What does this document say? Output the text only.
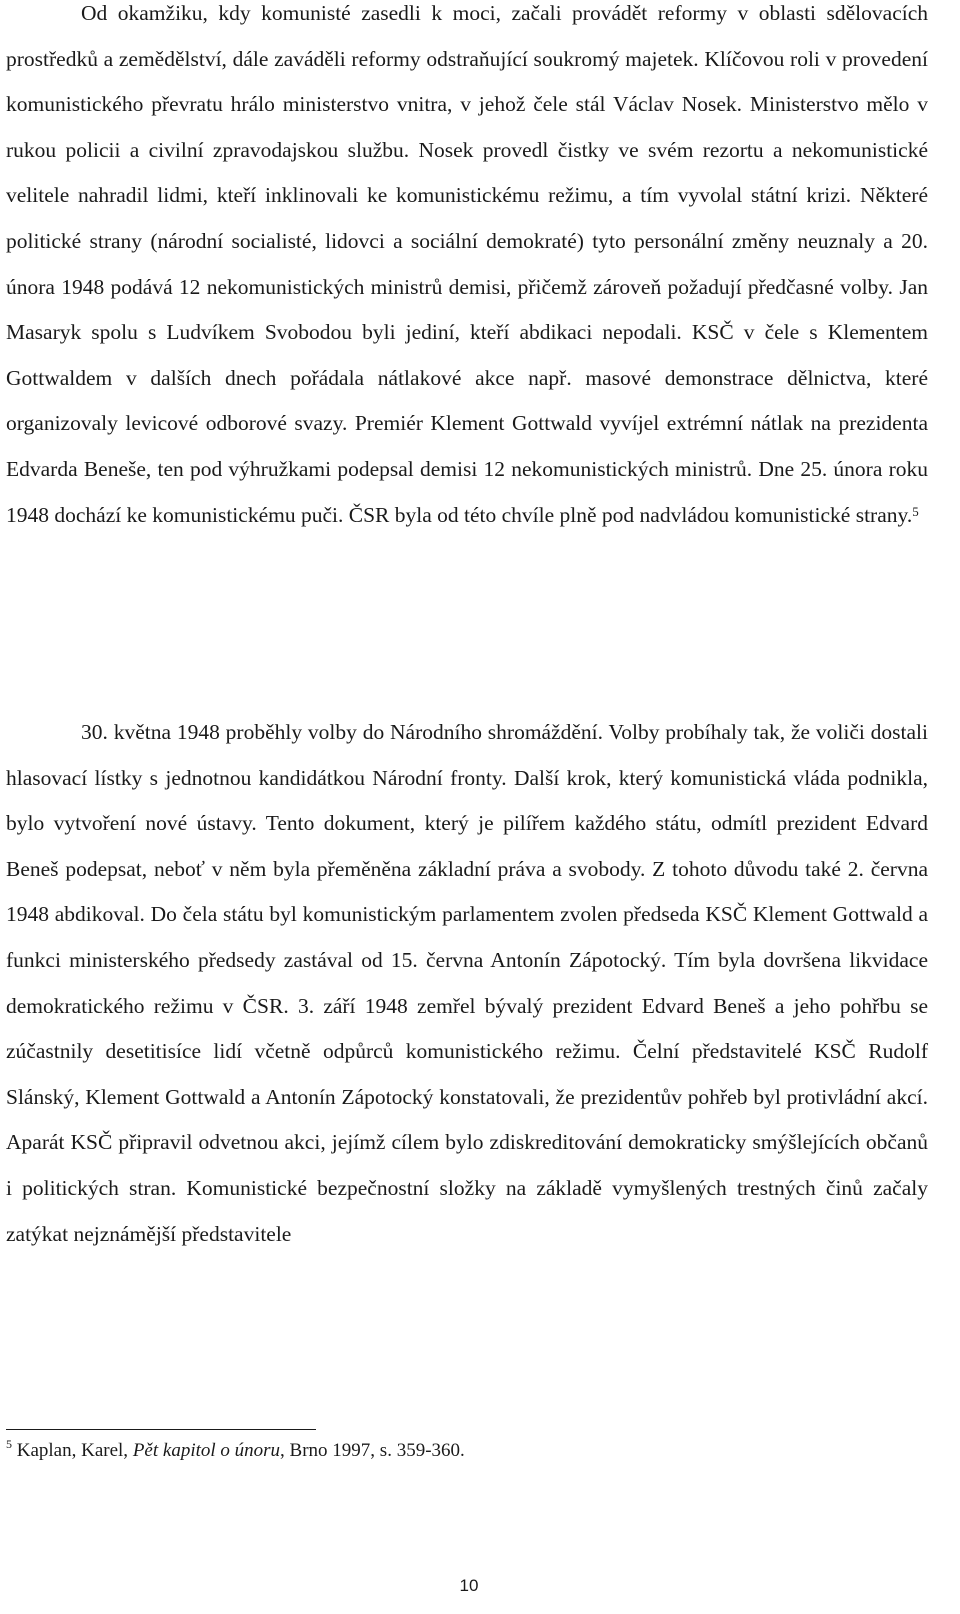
Od okamžiku, kdy komunisté zasedli k moci, začali provádět reformy v oblasti sdělovacích prostředků a zemědělství, dále zaváděli reformy odstraňující soukromý majetek. Klíčovou roli v provedení komunistického převratu hrálo ministerstvo vnitra, v jehož čele stál Václav Nosek. Ministerstvo mělo v rukou policii a civilní zpravodajskou službu. Nosek provedl čistky ve svém rezortu a nekomunistické velitele nahradil lidmi, kteří inklinovali ke komunistickému režimu, a tím vyvolal státní krizi. Některé politické strany (národní socialisté, lidovci a sociální demokraté) tyto personální změny neuznaly a 20. února 1948 podává 12 nekomunistických ministrů demisi, přičemž zároveň požadují předčasné volby. Jan Masaryk spolu s Ludvíkem Svobodou byli jediní, kteří abdikaci nepodali. KSČ v čele s Klementem Gottwaldem v dalších dnech pořádala nátlakové akce např. masové demonstrace dělnictva, které organizovaly levicové odborové svazy. Premiér Klement Gottwald vyvíjel extrémní nátlak na prezidenta Edvarda Beneše, ten pod výhružkami podepsal demisi 12 nekomunistických ministrů. Dne 25. února roku 1948 dochází ke komunistickému puči. ČSR byla od této chvíle plně pod nadvládou komunistické strany.$^5$

30. května 1948 proběhly volby do Národního shromáždění. Volby probíhaly tak, že voliči dostali hlasovací lístky s jednotnou kandidátkou Národní fronty. Další krok, který komunistická vláda podnikla, bylo vytvoření nové ústavy. Tento dokument, který je pilířem každého státu, odmítl prezident Edvard Beneš podepsat, neboť v něm byla přeměněna základní práva a svobody. Z tohoto důvodu také 2. června 1948 abdikoval. Do čela státu byl komunistickým parlamentem zvolen předseda KSČ Klement Gottwald a funkci ministerského předsedy zastával od 15. června Antonín Zápotocký. Tím byla dovršena likvidace demokratického režimu v ČSR. 3. září 1948 zemřel bývalý prezident Edvard Beneš a jeho pohřbu se zúčastnily desetitisíce lidí včetně odpůrců komunistického režimu. Čelní představitelé KSČ Rudolf Slánský, Klement Gottwald a Antonín Zápotocký konstatovali, že prezidentův pohřeb byl protivládní akcí. Aparát KSČ připravil odvetnou akci, jejímž cílem bylo zdiskreditování demokraticky smýšlejících občanů i politických stran. Komunistické bezpečnostní složky na základě vymyšlených trestných činů začaly zatýkat nejznámější představitele

$^5$ Kaplan, Karel, Pět kapitol o únoru, Brno 1997, s. 359-360.

10
